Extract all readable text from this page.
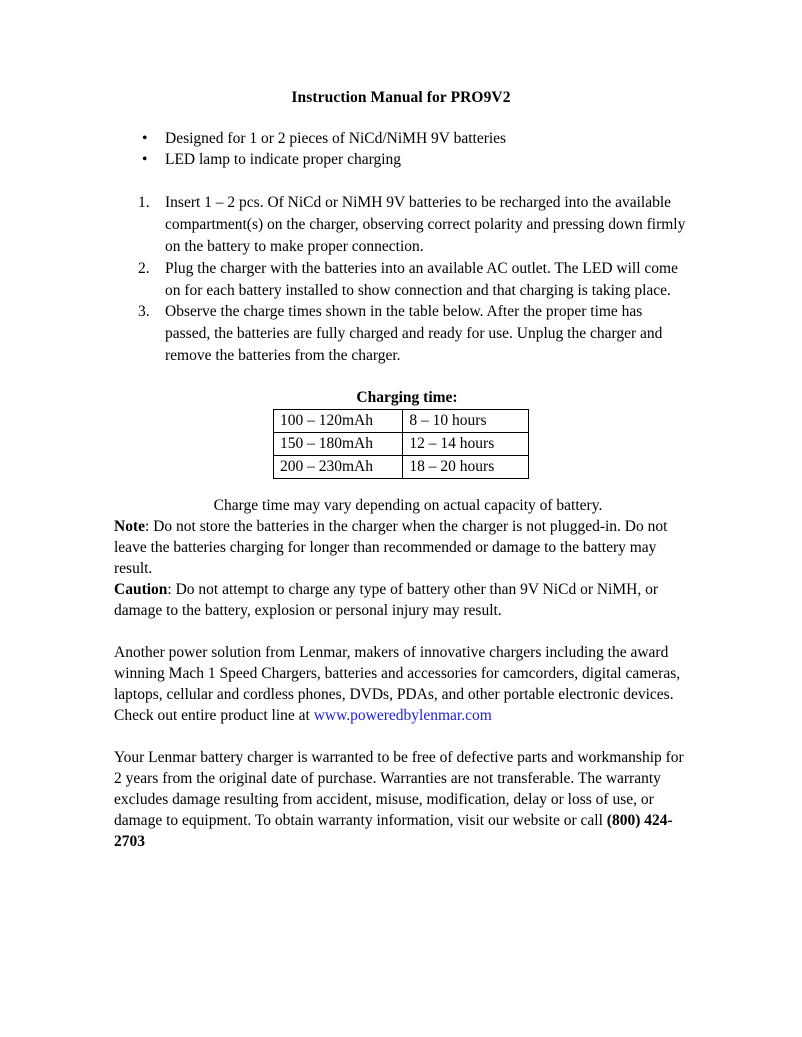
Instruction Manual for PRO9V2
• Designed for 1 or 2 pieces of NiCd/NiMH 9V batteries
• LED lamp to indicate proper charging
1. Insert 1 – 2 pcs. Of NiCd or NiMH 9V batteries to be recharged into the available compartment(s) on the charger, observing correct polarity and pressing down firmly on the battery to make proper connection.
2. Plug the charger with the batteries into an available AC outlet. The LED will come on for each battery installed to show connection and that charging is taking place.
3. Observe the charge times shown in the table below. After the proper time has passed, the batteries are fully charged and ready for use. Unplug the charger and remove the batteries from the charger.
Charging time:
100 – 120mAh	8 – 10 hours
150 – 180mAh	12 – 14 hours
200 – 230mAh	18 – 20 hours

Charge time may vary depending on actual capacity of battery.

Note: Do not store the batteries in the charger when the charger is not plugged-in. Do not leave the batteries charging for longer than recommended or damage to the battery may result.

Caution: Do not attempt to charge any type of battery other than 9V NiCd or NiMH, or damage to the battery, explosion or personal injury may result.

Another power solution from Lenmar, makers of innovative chargers including the award winning Mach 1 Speed Chargers, batteries and accessories for camcorders, digital cameras, laptops, cellular and cordless phones, DVDs, PDAs, and other portable electronic devices. Check out entire product line at www.poweredbylenmar.com

Your Lenmar battery charger is warranted to be free of defective parts and workmanship for 2 years from the original date of purchase. Warranties are not transferable. The warranty excludes damage resulting from accident, misuse, modification, delay or loss of use, or damage to equipment. To obtain warranty information, visit our website or call (800) 424-2703
